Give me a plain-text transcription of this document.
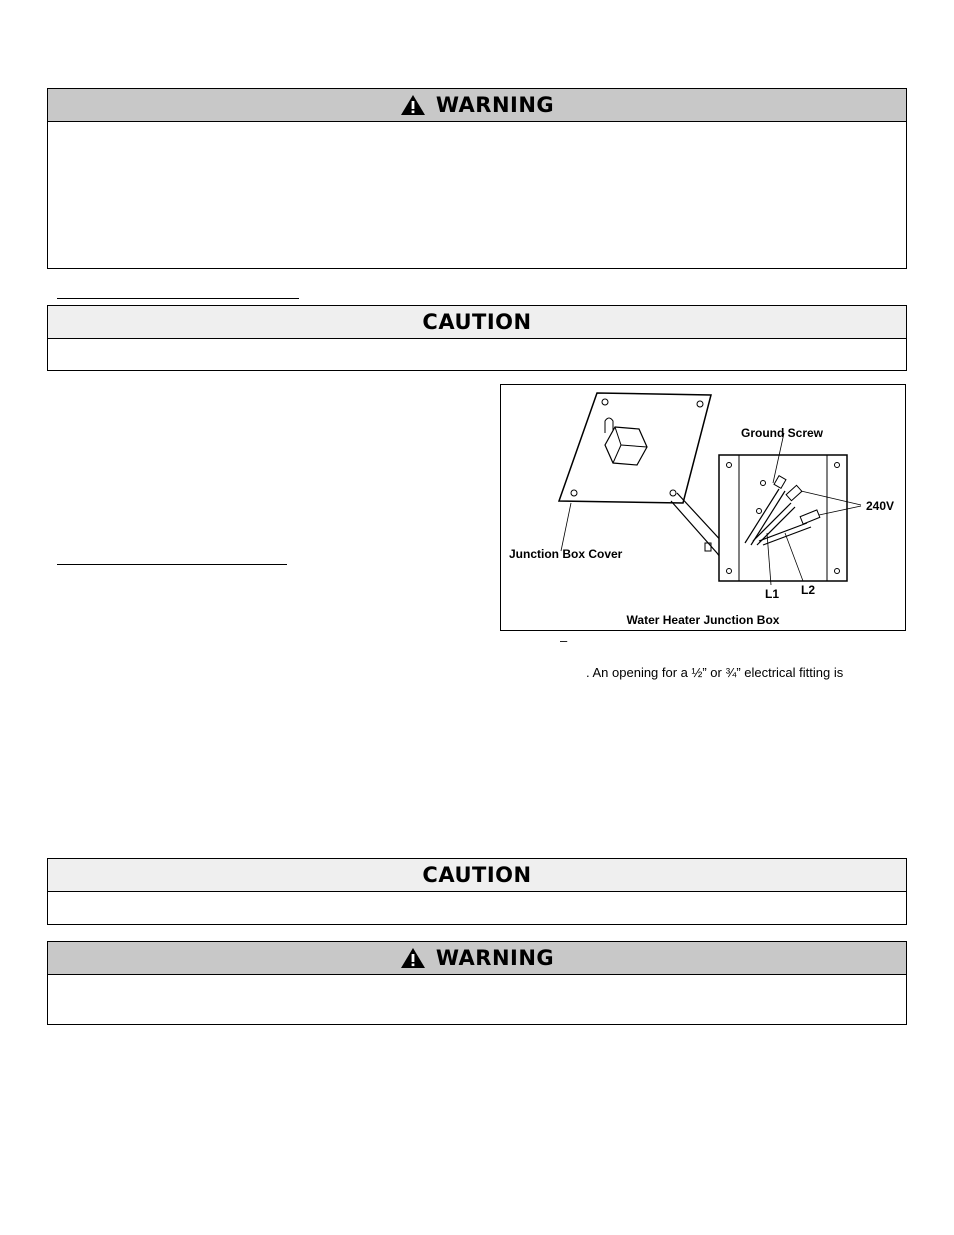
WARNING
CAUTION
Ground Screw
240V
Junction Box Cover
L1 L2
Water Heater Junction Box
–
. An opening for a ½” or ¾” electrical fitting is
CAUTION
WARNING
